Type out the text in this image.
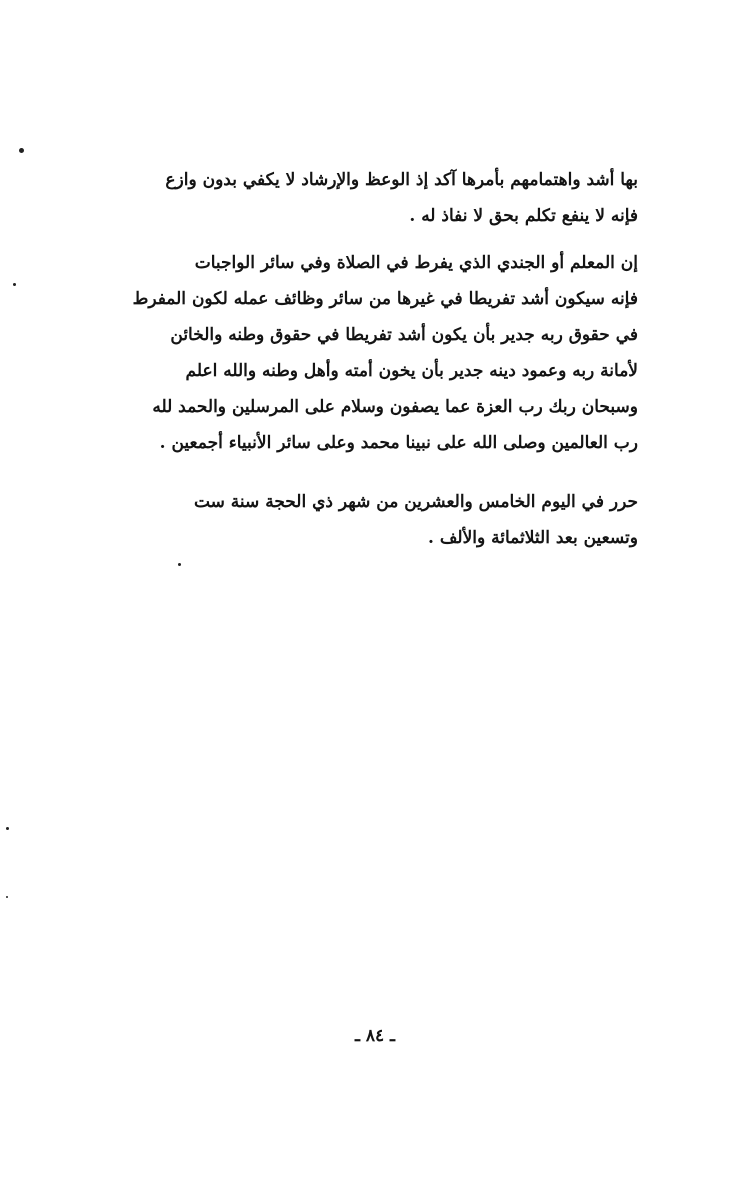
بها أشد واهتمامهم بأمرها آكد إذ الوعظ والإرشاد لا يكفي بدون وازع
فإنه لا ينفع تكلم بحق لا نفاذ له .
إن المعلم أو الجندي الذي يفرط في الصلاة وفي سائر الواجبات
فإنه سيكون أشد تفريطا في غيرها من سائر وظائف عمله لكون المفرط
في حقوق ربه جدير بأن يكون أشد تفريطا في حقوق وطنه والخائن
لأمانة ربه وعمود دينه جدير بأن يخون أمته وأهل وطنه والله اعلم
وسبحان ربك رب العزة عما يصفون وسلام على المرسلين والحمد لله
رب العالمين وصلى الله على نبينا محمد وعلى سائر الأنبياء أجمعين .
حرر في اليوم الخامس والعشرين من شهر ذي الحجة سنة ست
وتسعين بعد الثلاثمائة والألف .
ـ ٨٤ ـ
